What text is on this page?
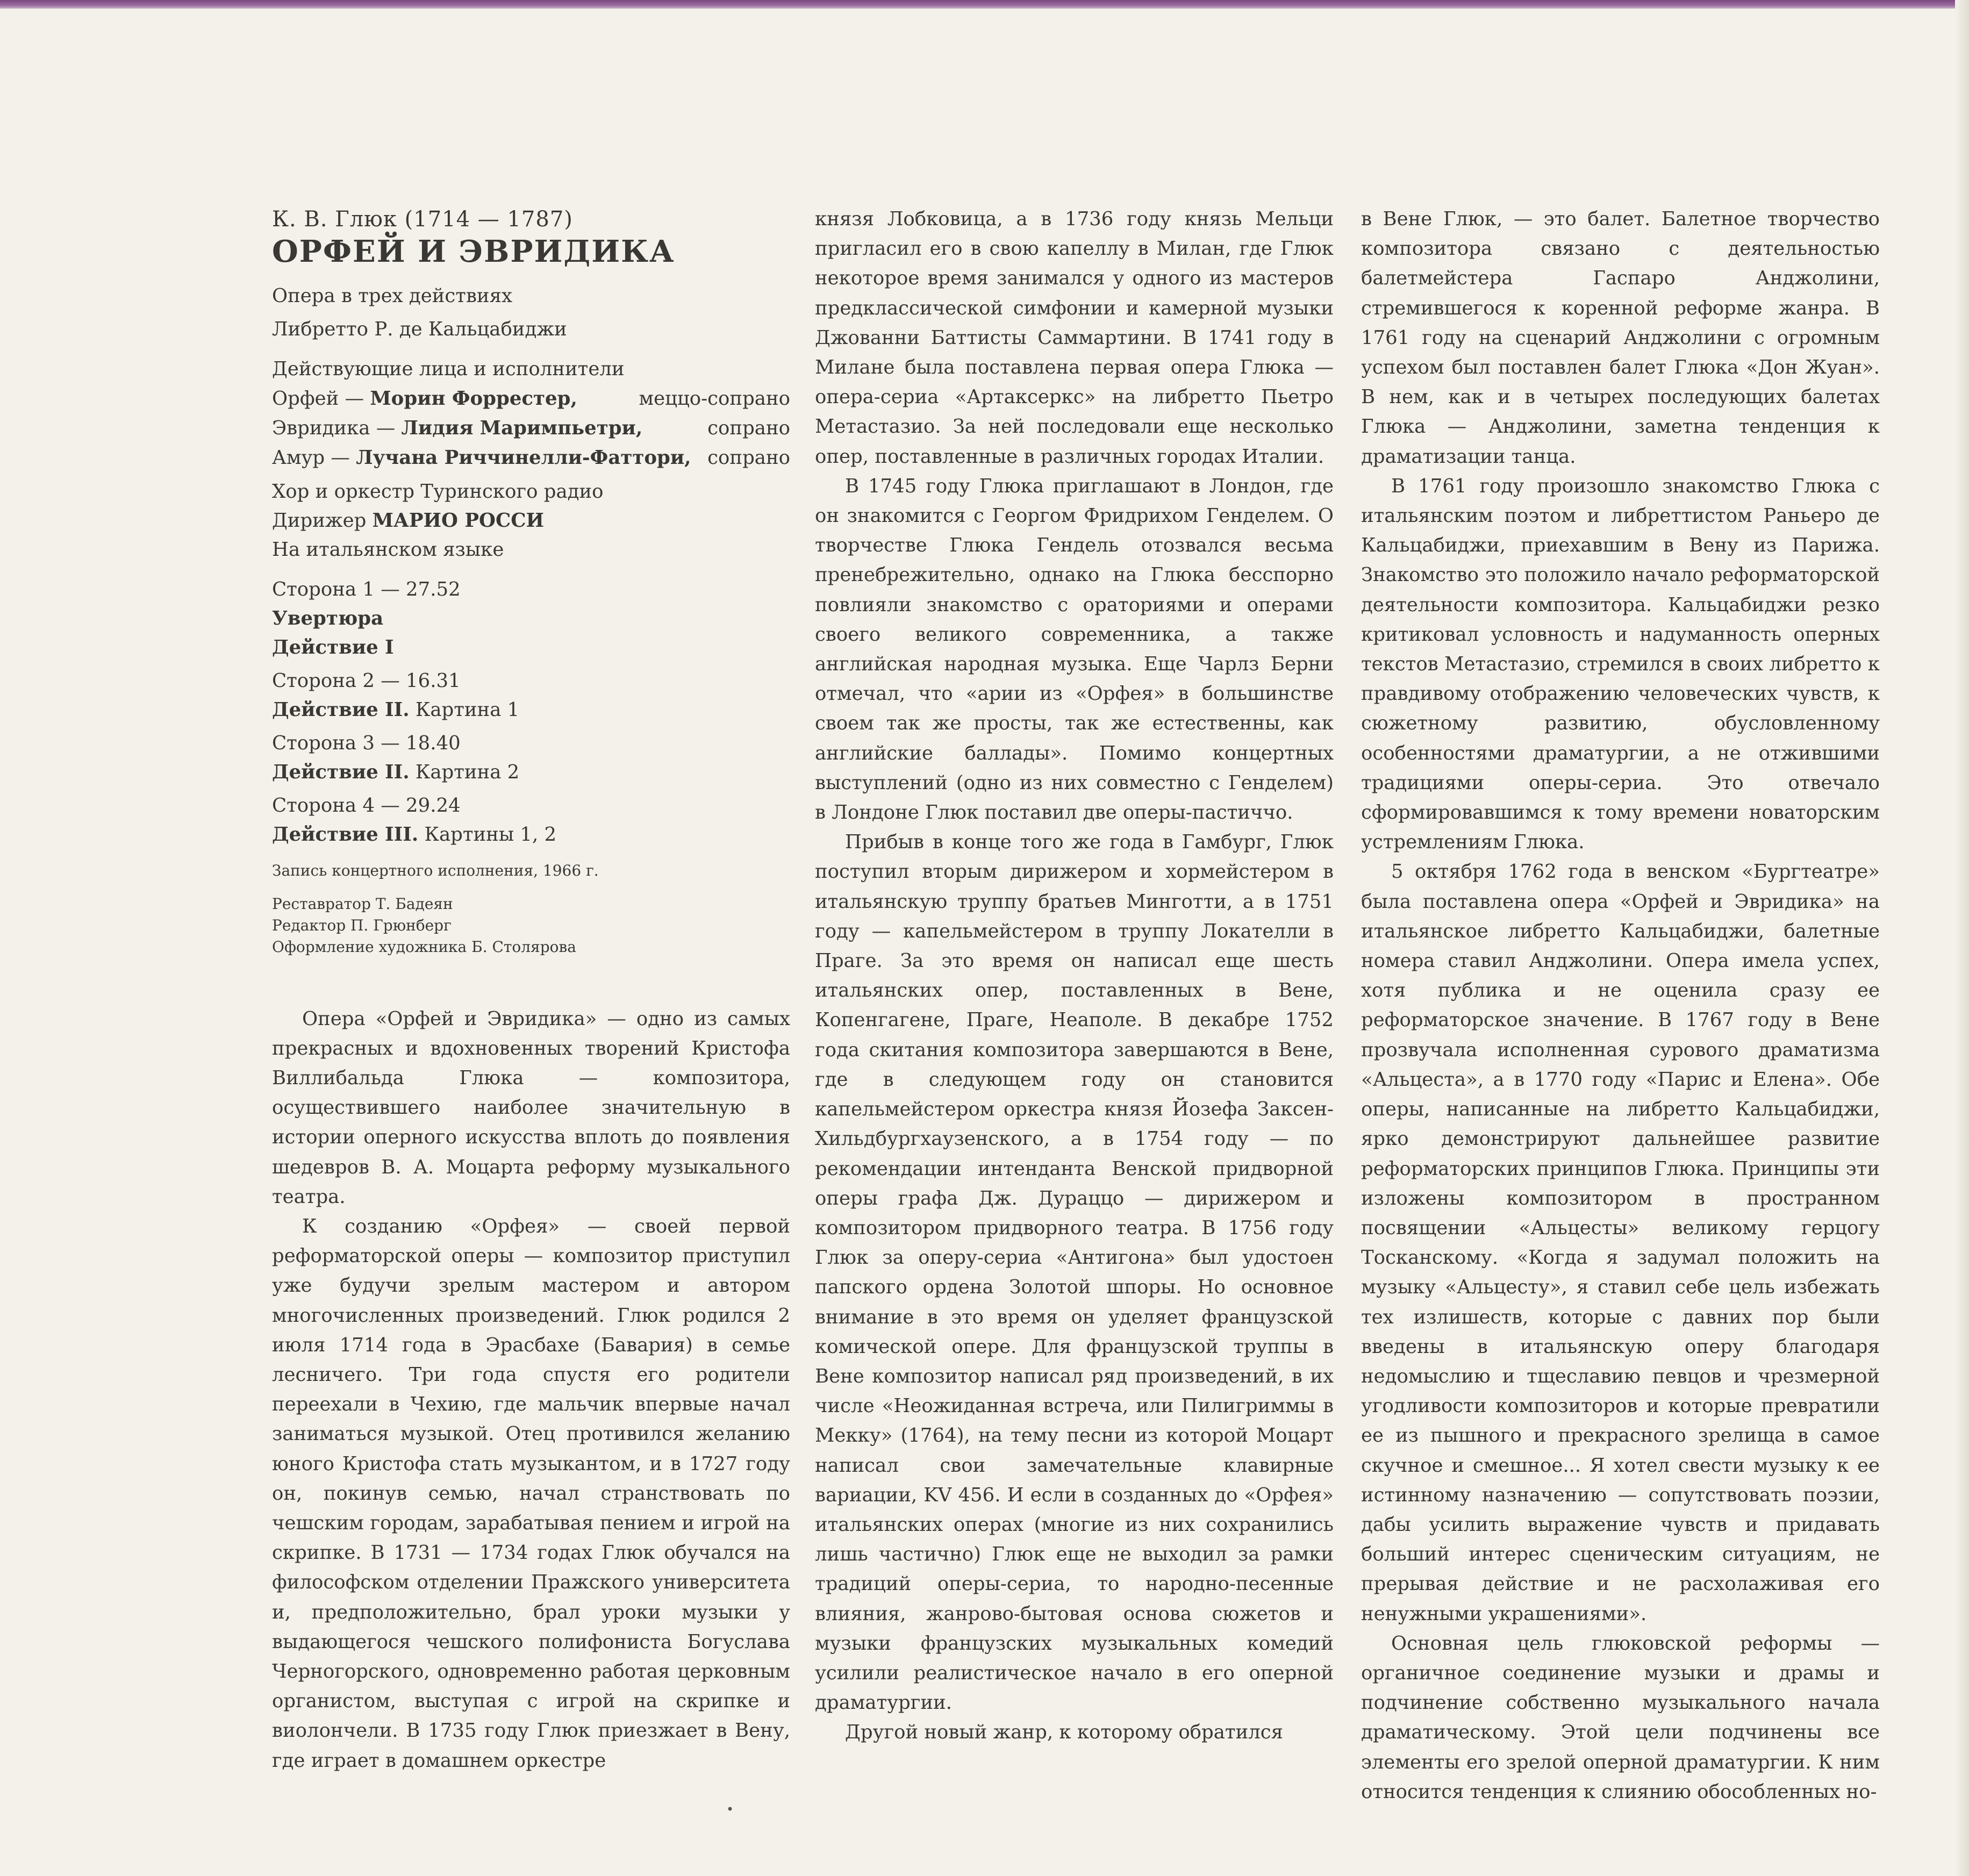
К. В. Глюк (1714 — 1787)
ОРФЕЙ И ЭВРИДИКА

Опера в трех действиях

Либретто Р. де Кальцабиджи

Действующие лица и исполнители

Орфей — Морин Форрестер,	меццо-сопрано
Эвридика — Лидия Маримпьетри,	сопрано
Амур — Лучана Риччинелли-Фаттори, сопрано

Хор и оркестр Туринского радио

Дирижер МАРИО РОССИ

На итальянском языке

Сторона 1 — 27.52

Увертюра

Действие I

Сторона 2 — 16.31

Действие II. Картина 1

Сторона 3 — 18.40

Действие II. Картина 2

Сторона 4 — 29.24

Действие III. Картины 1, 2

Запись концертного исполнения, 1966 г.

Реставратор Т. Бадеян

Редактор П. Грюнберг

Оформление художника Б. Столярова

Опера «Орфей и Эвридика» — одно из самых прекрасных и вдохновенных творений Кристофа Виллибальда Глюка — композитора, осуществившего наиболее значительную в истории оперного искусства вплоть до появления шедевров В. А. Моцарта реформу музыкального театра.

К созданию «Орфея» — своей первой реформаторской оперы — композитор приступил уже будучи зрелым мастером и автором многочисленных произведений. Глюк родился 2 июля 1714 года в Эрасбахе (Бавария) в семье лесничего. Три года спустя его родители переехали в Чехию, где мальчик впервые начал заниматься музыкой. Отец противился желанию юного Кристофа стать музыкантом, и в 1727 году он, покинув семью, начал странствовать по чешским городам, зарабатывая пением и игрой на скрипке. В 1731 — 1734 годах Глюк обучался на философском отделении Пражского университета и, предположительно, брал уроки музыки у выдающегося чешского полифониста Богуслава Черногорского, одновременно работая церковным органистом, выступая с игрой на скрипке и виолончели. В 1735 году Глюк приезжает в Вену, где играет в домашнем оркестре

князя Лобковица, а в 1736 году князь Мельци пригласил его в свою капеллу в Милан, где Глюк некоторое время занимался у одного из мастеров предклассической симфонии и камерной музыки Джованни Баттисты Саммартини. В 1741 году в Милане была поставлена первая опера Глюка — опера-сериа «Артаксеркс» на либретто Пьетро Метастазио. За ней последовали еще несколько опер, поставленные в различных городах Италии.

В 1745 году Глюка приглашают в Лондон, где он знакомится с Георгом Фридрихом Генделем. О творчестве Глюка Гендель отозвался весьма пренебрежительно, однако на Глюка бесспорно повлияли знакомство с ораториями и операми своего великого современника, а также английская народная музыка. Еще Чарлз Берни отмечал, что «арии из «Орфея» в большинстве своем так же просты, так же естественны, как английские баллады». Помимо концертных выступлений (одно из них совместно с Генделем) в Лондоне Глюк поставил две оперы-пастиччо.

Прибыв в конце того же года в Гамбург, Глюк поступил вторым дирижером и хормейстером в итальянскую труппу братьев Минготти, а в 1751 году — капельмейстером в труппу Локателли в Праге. За это время он написал еще шесть итальянских опер, поставленных в Вене, Копенгагене, Праге, Неаполе. В декабре 1752 года скитания композитора завершаются в Вене, где в следующем году он становится капельмейстером оркестра князя Йозефа Заксен-Хильдбургхаузенского, а в 1754 году — по рекомендации интенданта Венской придворной оперы графа Дж. Дураццо — дирижером и композитором придворного театра. В 1756 году Глюк за оперу-сериа «Антигона» был удостоен папского ордена Золотой шпоры. Но основное внимание в это время он уделяет французской комической опере. Для французской труппы в Вене композитор написал ряд произведений, в их числе «Неожиданная встреча, или Пилигриммы в Мекку» (1764), на тему песни из которой Моцарт написал свои замечательные клавирные вариации, KV 456. И если в созданных до «Орфея» итальянских операх (многие из них сохранились лишь частично) Глюк еще не выходил за рамки традиций оперы-сериа, то народно-песенные влияния, жанрово-бытовая основа сюжетов и музыки французских музыкальных комедий усилили реалистическое начало в его оперной драматургии.

Другой новый жанр, к которому обратился

в Вене Глюк, — это балет. Балетное творчество композитора связано с деятельностью балетмейстера Гаспаро Анджолини, стремившегося к коренной реформе жанра. В 1761 году на сценарий Анджолини с огромным успехом был поставлен балет Глюка «Дон Жуан». В нем, как и в четырех последующих балетах Глюка — Анджолини, заметна тенденция к драматизации танца.

В 1761 году произошло знакомство Глюка с итальянским поэтом и либреттистом Раньеро де Кальцабиджи, приехавшим в Вену из Парижа. Знакомство это положило начало реформаторской деятельности композитора. Кальцабиджи резко критиковал условность и надуманность оперных текстов Метастазио, стремился в своих либретто к правдивому отображению человеческих чувств, к сюжетному развитию, обусловленному особенностями драматургии, а не отжившими традициями оперы-сериа. Это отвечало сформировавшимся к тому времени новаторским устремлениям Глюка.

5 октября 1762 года в венском «Бургтеатре» была поставлена опера «Орфей и Эвридика» на итальянское либретто Кальцабиджи, балетные номера ставил Анджолини. Опера имела успех, хотя публика и не оценила сразу ее реформаторское значение. В 1767 году в Вене прозвучала исполненная сурового драматизма «Альцеста», а в 1770 году «Парис и Елена». Обе оперы, написанные на либретто Кальцабиджи, ярко демонстрируют дальнейшее развитие реформаторских принципов Глюка. Принципы эти изложены композитором в пространном посвящении «Альцесты» великому герцогу Тосканскому. «Когда я задумал положить на музыку «Альцесту», я ставил себе цель избежать тех излишеств, которые с давних пор были введены в итальянскую оперу благодаря недомыслию и тщеславию певцов и чрезмерной угодливости композиторов и которые превратили ее из пышного и прекрасного зрелища в самое скучное и смешное... Я хотел свести музыку к ее истинному назначению — сопутствовать поэзии, дабы усилить выражение чувств и придавать больший интерес сценическим ситуациям, не прерывая действие и не расхолаживая его ненужными украшениями».

Основная цель глюковской реформы — органичное соединение музыки и драмы и подчинение собственно музыкального начала драматическому. Этой цели подчинены все элементы его зрелой оперной драматургии. К ним относится тенденция к слиянию обособленных но-

•
